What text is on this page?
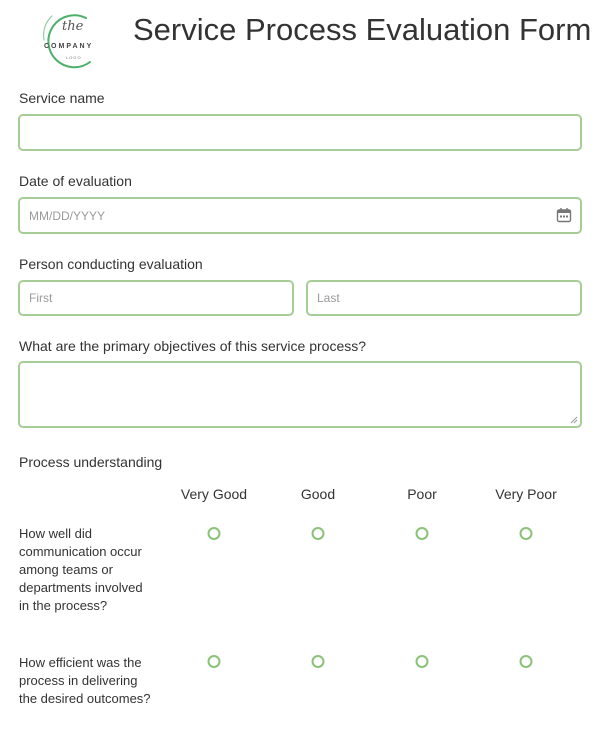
the
COMPANY
LOGO
Service Process Evaluation Form
Service name
Date of evaluation
MM/DD/YYYY
Person conducting evaluation
First
Last
What are the primary objectives of this service process?
Process understanding
Very Good	Good	Poor	Very Poor
How well did communication occur among teams or departments involved in the process?
How efficient was the process in delivering the desired outcomes?
